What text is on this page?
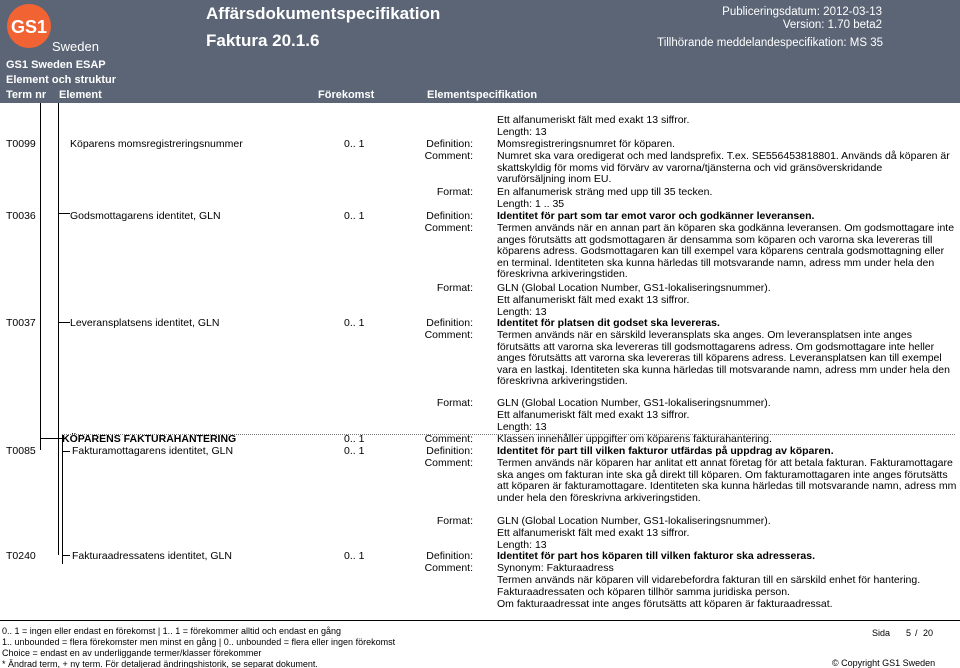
GS1
Sweden
Affärsdokumentspecifikation
Faktura 20.1.6
Publiceringsdatum: 2012-03-13
Version: 1.70 beta2
Tillhörande meddelandespecifikation: MS 35
GS1 Sweden ESAP
Element och struktur
Term nr Element	Förekomst	Elementspecifikation
Ett alfanumeriskt fält med exakt 13 siffror.
Length: 13
T0099	Köparens momsregistreringsnummer	0.. 1	Definition: Momsregistreringsnumret för köparen.
Comment: Numret ska vara oredigerat och med landsprefix. T.ex. SE556453818801. Används då köparen är skattskyldig för moms vid förvärv av varorna/tjänsterna och vid gränsöverskridande varuförsäljning inom EU.
Format: En alfanumerisk sträng med upp till 35 tecken.
Length: 1 .. 35
T0036	Godsmottagarens identitet, GLN	0.. 1	Definition: Identitet för part som tar emot varor och godkänner leveransen.
Comment: Termen används när en annan part än köparen ska godkänna leveransen. Om godsmottagare inte anges förutsätts att godsmottagaren är densamma som köparen och varorna ska levereras till köparens adress. Godsmottagaren kan till exempel vara köparens centrala godsmottagning eller en terminal. Identiteten ska kunna härledas till motsvarande namn, adress mm under hela den föreskrivna arkiveringstiden.
Format: GLN (Global Location Number, GS1-lokaliseringsnummer).
Ett alfanumeriskt fält med exakt 13 siffror.
Length: 13
T0037	Leveransplatsens identitet, GLN	0.. 1	Definition: Identitet för platsen dit godset ska levereras.
Comment: Termen används när en särskild leveransplats ska anges. Om leveransplatsen inte anges förutsätts att varorna ska levereras till godsmottagarens adress. Om godsmottagare inte heller anges förutsätts att varorna ska levereras till köparens adress. Leveransplatsen kan till exempel vara en lastkaj. Identiteten ska kunna härledas till motsvarande namn, adress mm under hela den föreskrivna arkiveringstiden.
Format: GLN (Global Location Number, GS1-lokaliseringsnummer).
Ett alfanumeriskt fält med exakt 13 siffror.
Length: 13
KÖPARENS FAKTURAHANTERING	0.. 1	Comment: Klassen innehåller uppgifter om köparens fakturahantering.
T0085	Fakturamottagarens identitet, GLN	0.. 1	Definition: Identitet för part till vilken fakturor utfärdas på uppdrag av köparen.
Comment: Termen används när köparen har anlitat ett annat företag för att betala fakturan. Fakturamottagare ska anges om fakturan inte ska gå direkt till köparen. Om fakturamottagaren inte anges förutsätts att köparen är fakturamottagare. Identiteten ska kunna härledas till motsvarande namn, adress mm under hela den föreskrivna arkiveringstiden.
Format: GLN (Global Location Number, GS1-lokaliseringsnummer).
Ett alfanumeriskt fält med exakt 13 siffror.
Length: 13
T0240	Fakturaadressatens identitet, GLN	0.. 1	Definition: Identitet för part hos köparen till vilken fakturor ska adresseras.
Comment: Synonym: Fakturaadress
Termen används när köparen vill vidarebefordra fakturan till en särskild enhet för hantering. Fakturaadressaten och köparen tillhör samma juridiska person.
Om fakturaadressat inte anges förutsätts att köparen är fakturaadressat.
0.. 1 = ingen eller endast en förekomst | 1.. 1 = förekommer alltid och endast en gång
1.. unbounded = flera förekomster men minst en gång | 0.. unbounded = flera eller ingen förekomst
Choice = endast en av underliggande termer/klasser förekommer
* Ändrad term, + ny term. För detaljerad ändringshistorik, se separat dokument.
Sida 5 / 20
© Copyright GS1 Sweden
